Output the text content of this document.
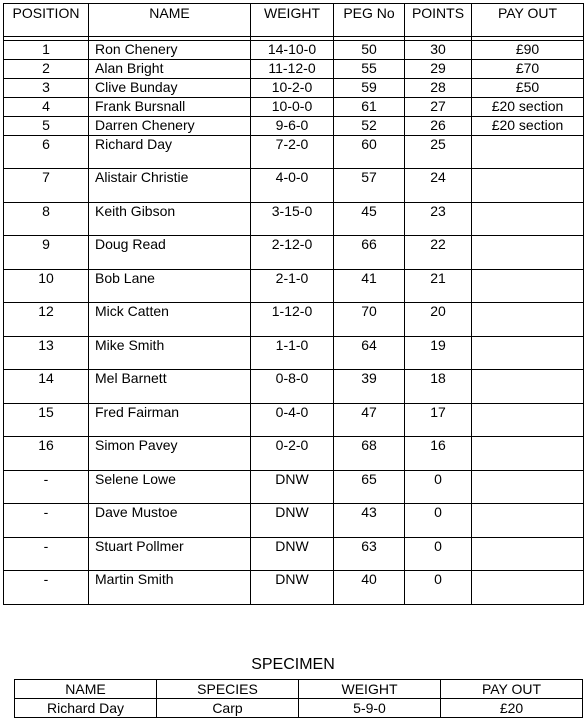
POSITION	NAME	WEIGHT	PEG No	POINTS	PAY OUT

1	Ron Chenery	14-10-0	50	30	£90
2	Alan Bright	11-12-0	55	29	£70
3	Clive Bunday	10-2-0	59	28	£50
4	Frank Bursnall	10-0-0	61	27	£20 section
5	Darren Chenery	9-6-0	52	26	£20 section
6	Richard Day	7-2-0	60	25	
7	Alistair Christie	4-0-0	57	24	
8	Keith Gibson	3-15-0	45	23	
9	Doug Read	2-12-0	66	22	
10	Bob Lane	2-1-0	41	21	
12	Mick Catten	1-12-0	70	20	
13	Mike Smith	1-1-0	64	19	
14	Mel Barnett	0-8-0	39	18	
15	Fred Fairman	0-4-0	47	17	
16	Simon Pavey	0-2-0	68	16	
-	Selene Lowe	DNW	65	0	
-	Dave Mustoe	DNW	43	0	
-	Stuart Pollmer	DNW	63	0	
-	Martin Smith	DNW	40	0	
SPECIMEN
NAME	SPECIES	WEIGHT	PAY OUT
Richard Day	Carp	5-9-0	£20
